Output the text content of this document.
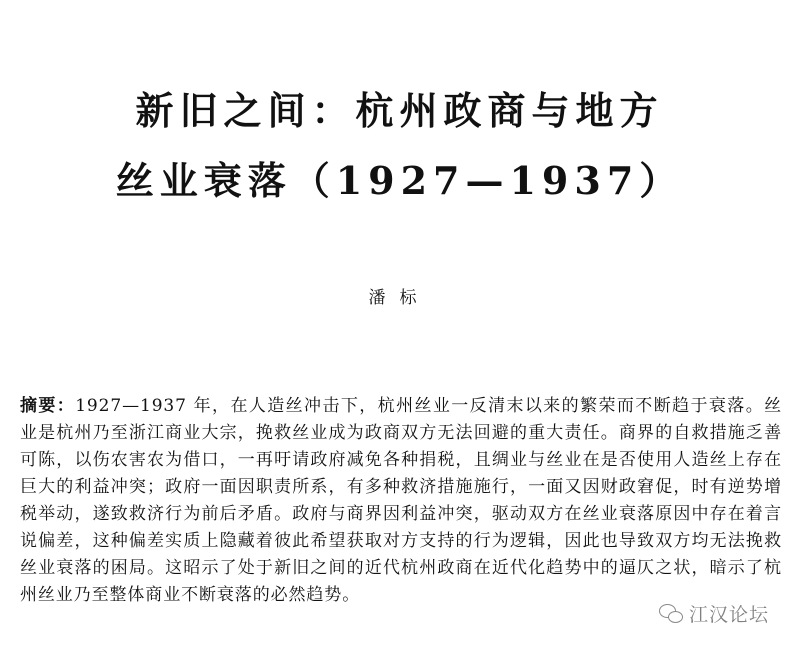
新旧之间：杭州政商与地方
丝业衰落（1927—1937）
潘标
摘要：1927—1937 年，在人造丝冲击下，杭州丝业一反清末以来的繁荣而不断趋于衰落。丝
业是杭州乃至浙江商业大宗，挽救丝业成为政商双方无法回避的重大责任。商界的自救措施乏善
可陈，以伤农害农为借口，一再吁请政府减免各种捐税，且绸业与丝业在是否使用人造丝上存在
巨大的利益冲突；政府一面因职责所系，有多种救济措施施行，一面又因财政窘促，时有逆势增
税举动，遂致救济行为前后矛盾。政府与商界因利益冲突，驱动双方在丝业衰落原因中存在着言
说偏差，这种偏差实质上隐藏着彼此希望获取对方支持的行为逻辑，因此也导致双方均无法挽救
丝业衰落的困局。这昭示了处于新旧之间的近代杭州政商在近代化趋势中的逼仄之状，暗示了杭
州丝业乃至整体商业不断衰落的必然趋势。
江汉论坛
